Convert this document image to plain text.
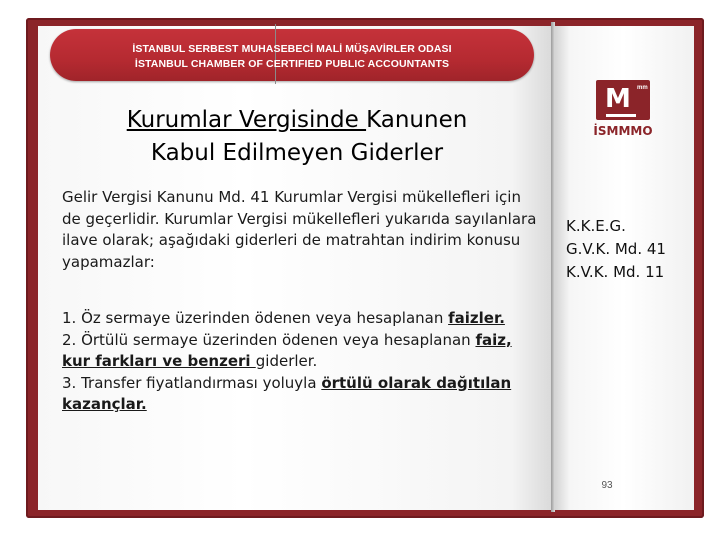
İSTANBUL SERBEST MUHASEBECİ MALİ MÜŞAVİRLER ODASI
İSTANBUL CHAMBER OF CERTIFIED PUBLIC ACCOUNTANTS
Kurumlar Vergisinde Kanunen
Kabul Edilmeyen Giderler
Gelir Vergisi Kanunu Md. 41 Kurumlar Vergisi mükellefleri için de geçerlidir. Kurumlar Vergisi mükellefleri yukarıda sayılanlara ilave olarak; aşağıdaki giderleri de matrahtan indirim konusu yapamazlar:
1. Öz sermaye üzerinden ödenen veya hesaplanan faizler.
2. Örtülü sermaye üzerinden ödenen veya hesaplanan faiz, kur farkları ve benzeri giderler.
3. Transfer fiyatlandırması yoluyla örtülü olarak dağıtılan kazançlar.
M mm
İSMMMO
K.K.E.G.
G.V.K. Md. 41
K.V.K. Md. 11
93
